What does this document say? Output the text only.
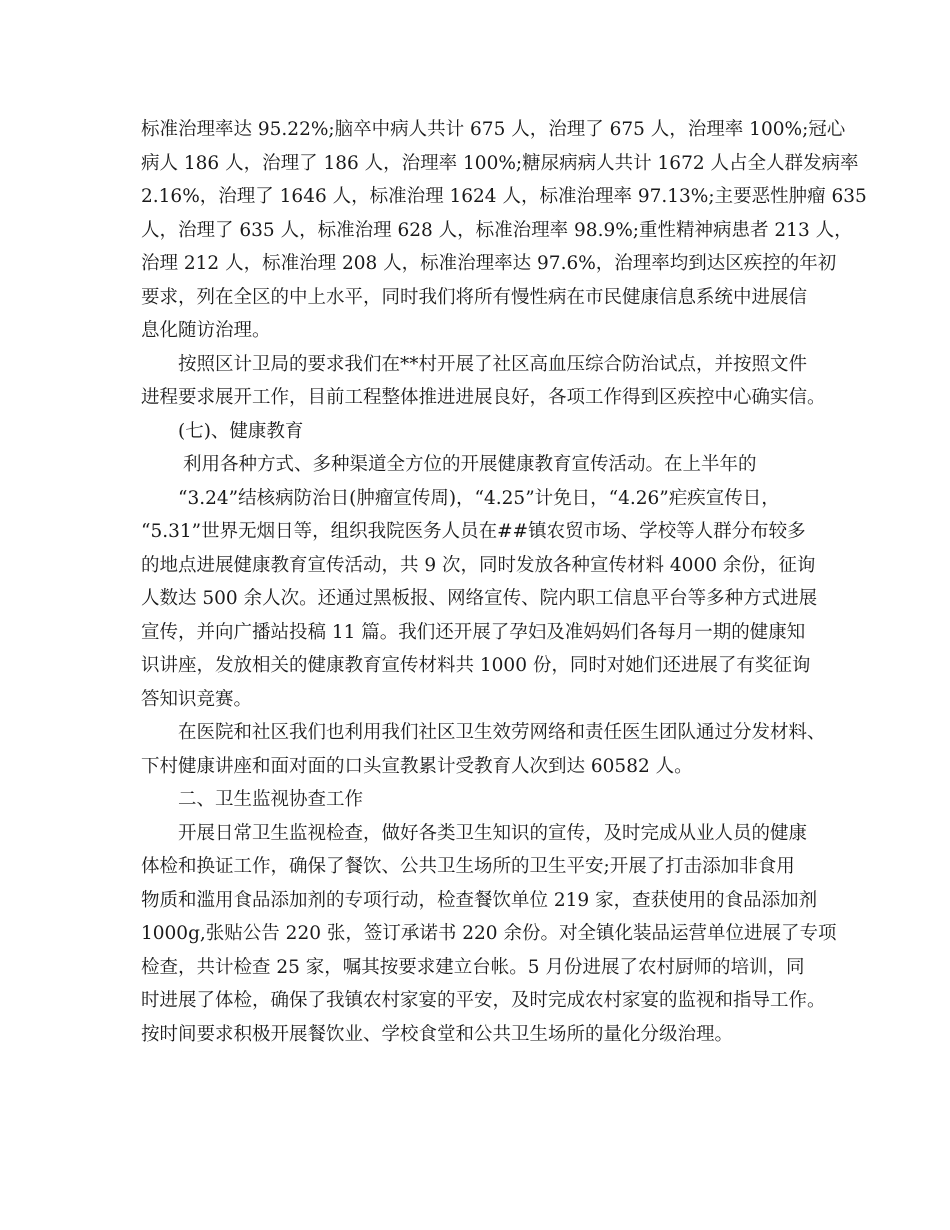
标准治理率达 95.22%;脑卒中病人共计 675 人，治理了 675 人，治理率 100%;冠心
病人 186 人，治理了 186 人，治理率 100%;糖尿病病人共计 1672 人占全人群发病率
2.16%，治理了 1646 人，标准治理 1624 人，标准治理率 97.13%;主要恶性肿瘤 635
人，治理了 635 人，标准治理 628 人，标准治理率 98.9%;重性精神病患者 213 人，
治理 212 人，标准治理 208 人，标准治理率达 97.6%，治理率均到达区疾控的年初
要求，列在全区的中上水平，同时我们将所有慢性病在市民健康信息系统中进展信
息化随访治理。
按照区计卫局的要求我们在**村开展了社区高血压综合防治试点，并按照文件
进程要求展开工作，目前工程整体推进进展良好，各项工作得到区疾控中心确实信。
(七)、健康教育
利用各种方式、多种渠道全方位的开展健康教育宣传活动。在上半年的
“3.24”结核病防治日(肿瘤宣传周)，“4.25”计免日，“4.26”疟疾宣传日，
“5.31”世界无烟日等，组织我院医务人员在##镇农贸市场、学校等人群分布较多
的地点进展健康教育宣传活动，共 9 次，同时发放各种宣传材料 4000 余份，征询
人数达 500 余人次。还通过黑板报、网络宣传、院内职工信息平台等多种方式进展
宣传，并向广播站投稿 11 篇。我们还开展了孕妇及准妈妈们各每月一期的健康知
识讲座，发放相关的健康教育宣传材料共 1000 份，同时对她们还进展了有奖征询
答知识竞赛。
在医院和社区我们也利用我们社区卫生效劳网络和责任医生团队通过分发材料、
下村健康讲座和面对面的口头宣教累计受教育人次到达 60582 人。
二、卫生监视协查工作
开展日常卫生监视检查，做好各类卫生知识的宣传，及时完成从业人员的健康
体检和换证工作，确保了餐饮、公共卫生场所的卫生平安;开展了打击添加非食用
物质和滥用食品添加剂的专项行动，检查餐饮单位 219 家，查获使用的食品添加剂
1000g,张贴公告 220 张，签订承诺书 220 余份。对全镇化装品运营单位进展了专项
检查，共计检查 25 家，嘱其按要求建立台帐。5 月份进展了农村厨师的培训，同
时进展了体检，确保了我镇农村家宴的平安，及时完成农村家宴的监视和指导工作。
按时间要求积极开展餐饮业、学校食堂和公共卫生场所的量化分级治理。
